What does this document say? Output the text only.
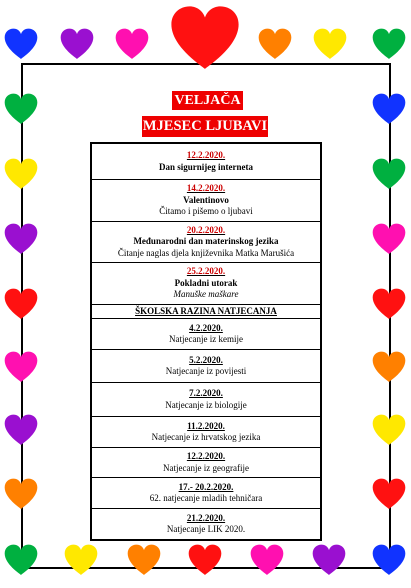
VELJAČA
MJESEC LJUBAVI
12.2.2020.
Dan sigurnijeg interneta
14.2.2020.
Valentinovo
Čitamo i pišemo o ljubavi
20.2.2020.
Međunarodni dan materinskog jezika
Čitanje naglas djela književnika Matka Marušića
25.2.2020.
Pokladni utorak
Manuške maškare
ŠKOLSKA RAZINA NATJECANJA
4.2.2020.
Natjecanje iz kemije
5.2.2020.
Natjecanje iz povijesti
7.2.2020.
Natjecanje iz biologije
11.2.2020.
Natjecanje iz hrvatskog jezika
12.2.2020.
Natjecanje iz geografije
17.- 20.2.2020.
62. natjecanje mladih tehničara
21.2.2020.
Natjecanje LIK 2020.
